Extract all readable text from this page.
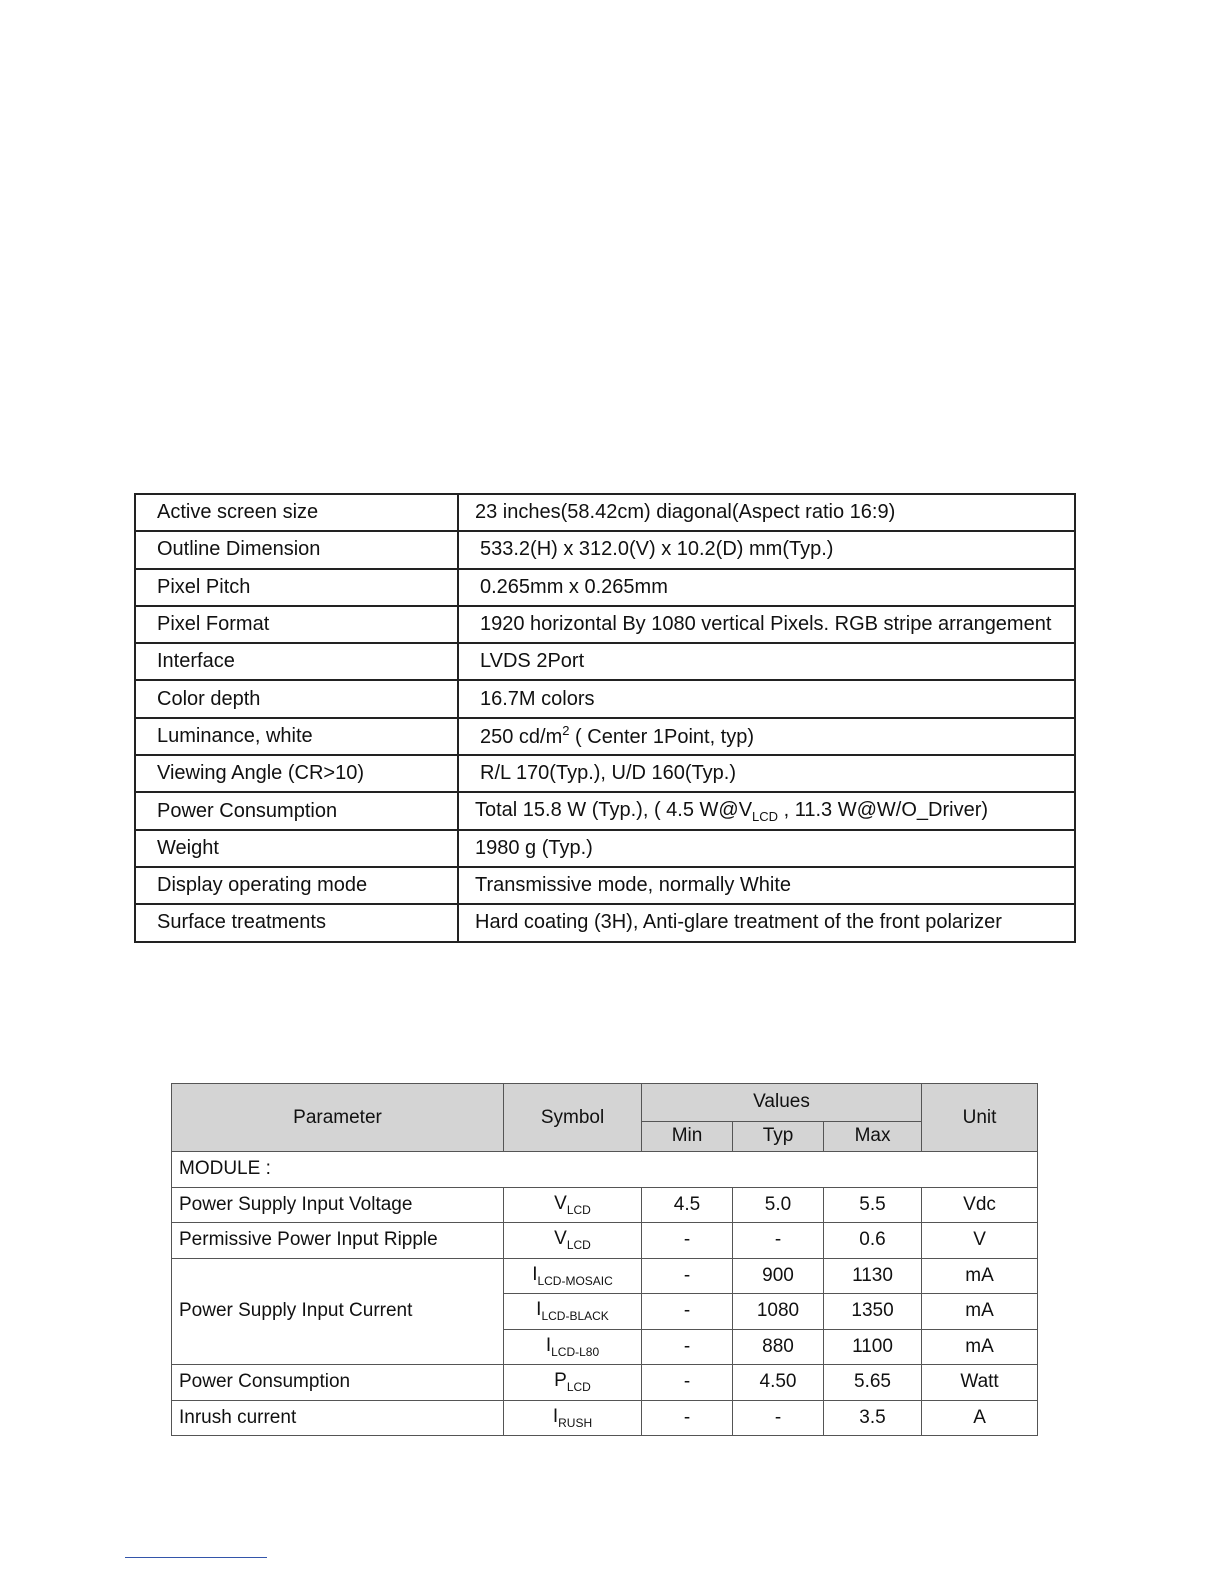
Active screen size	23 inches(58.42cm) diagonal(Aspect ratio 16:9)
Outline Dimension	533.2(H) x 312.0(V) x 10.2(D) mm(Typ.)
Pixel Pitch	0.265mm x 0.265mm
Pixel Format	1920 horizontal By 1080 vertical Pixels. RGB stripe arrangement
Interface	LVDS 2Port
Color depth	16.7M colors
Luminance, white	250 $cd/m^2$ ( Center 1Point, typ)
Viewing Angle (CR>10)	R/L 170(Typ.), U/D 160(Typ.)
Power Consumption	Total 15.8 W (Typ.), ( 4.5 $W@V_{LCD}$ , 11.3 W@W/O_Driver)
Weight	1980 g (Typ.)
Display operating mode	Transmissive mode, normally White
Surface treatments	Hard coating (3H), Anti-glare treatment of the front polarizer
Parameter	Symbol	Values			Unit
		Min	Typ	Max	
MODULE :					
Power Supply Input Voltage	$V_{LCD}$	4.5	5.0	5.5	Vdc
Permissive Power Input Ripple	$V_{LCD}$	-	-	0.6	V
Power Supply Input Current	$I_{LCD-MOSAIC}$	-	900	1130	mA
	$I_{LCD-BLACK}$	-	1080	1350	mA
	$I_{LCD-L80}$	-	880	1100	mA
Power Consumption	$P_{LCD}$	-	4.50	5.65	Watt
Inrush current	$I_{RUSH}$	-	-	3.5	A
